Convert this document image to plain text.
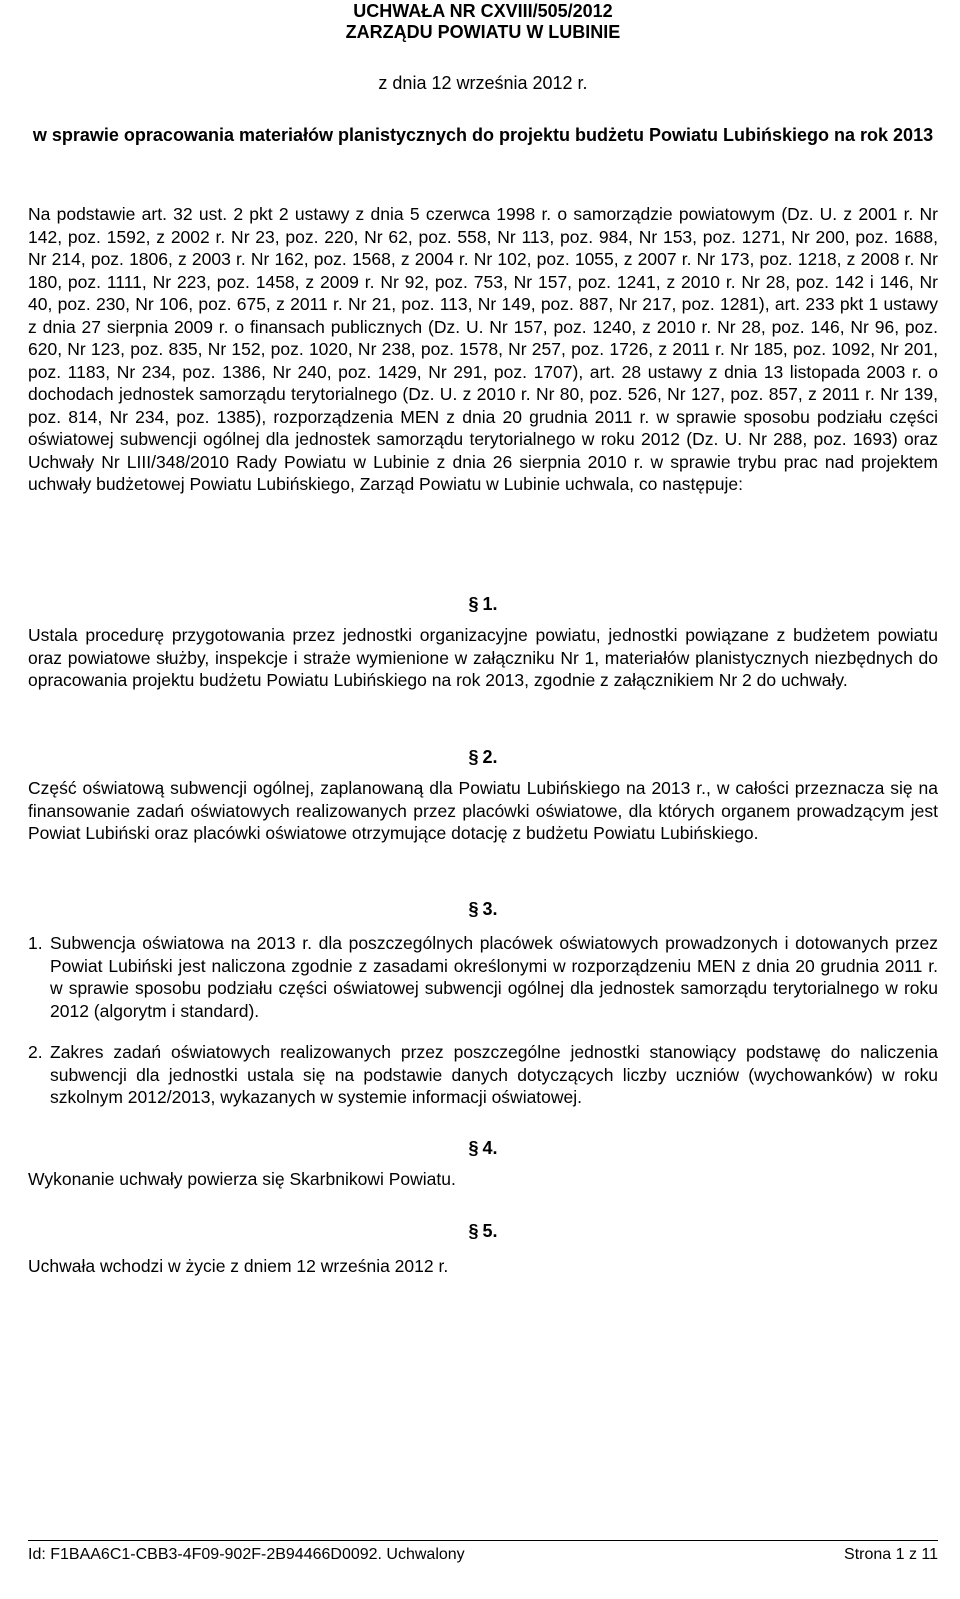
UCHWAŁA NR CXVIII/505/2012
ZARZĄDU POWIATU W LUBINIE
z dnia 12 września 2012 r.
w sprawie opracowania materiałów planistycznych do projektu budżetu Powiatu Lubińskiego na rok 2013

Na podstawie art. 32 ust. 2 pkt 2 ustawy z dnia 5 czerwca 1998 r. o samorządzie powiatowym (Dz. U. z 2001 r. Nr 142, poz. 1592, z 2002 r. Nr 23, poz. 220, Nr 62, poz. 558, Nr 113, poz. 984, Nr 153, poz. 1271, Nr 200, poz. 1688, Nr 214, poz. 1806, z 2003 r. Nr 162, poz. 1568, z 2004 r. Nr 102, poz. 1055, z 2007 r. Nr 173, poz. 1218, z 2008 r. Nr 180, poz. 1111, Nr 223, poz. 1458, z 2009 r. Nr 92, poz. 753, Nr 157, poz. 1241, z 2010 r. Nr 28, poz. 142 i 146, Nr 40, poz. 230, Nr 106, poz. 675, z 2011 r. Nr 21, poz. 113, Nr 149, poz. 887, Nr 217, poz. 1281), art. 233 pkt 1 ustawy z dnia 27 sierpnia 2009 r. o finansach publicznych (Dz. U. Nr 157, poz. 1240, z 2010 r. Nr 28, poz. 146, Nr 96, poz. 620, Nr 123, poz. 835, Nr 152, poz. 1020, Nr 238, poz. 1578, Nr 257, poz. 1726, z 2011 r. Nr 185, poz. 1092, Nr 201, poz. 1183, Nr 234, poz. 1386, Nr 240, poz. 1429, Nr 291, poz. 1707), art. 28 ustawy z dnia 13 listopada 2003 r. o dochodach jednostek samorządu terytorialnego (Dz. U. z 2010 r. Nr 80, poz. 526, Nr 127, poz. 857, z 2011 r. Nr 139, poz. 814, Nr 234, poz. 1385), rozporządzenia MEN z dnia 20 grudnia 2011 r. w sprawie sposobu podziału części oświatowej subwencji ogólnej dla jednostek samorządu terytorialnego w roku 2012 (Dz. U. Nr 288, poz. 1693) oraz Uchwały Nr LIII/348/2010 Rady Powiatu w Lubinie z dnia 26 sierpnia 2010 r. w sprawie trybu prac nad projektem uchwały budżetowej Powiatu Lubińskiego, Zarząd Powiatu w Lubinie uchwala, co następuje:

§ 1.

Ustala procedurę przygotowania przez jednostki organizacyjne powiatu, jednostki powiązane z budżetem powiatu oraz powiatowe służby, inspekcje i straże wymienione w załączniku Nr 1, materiałów planistycznych niezbędnych do opracowania projektu budżetu Powiatu Lubińskiego na rok 2013, zgodnie z załącznikiem Nr 2 do uchwały.

§ 2.

Część oświatową subwencji ogólnej, zaplanowaną dla Powiatu Lubińskiego na 2013 r., w całości przeznacza się na finansowanie zadań oświatowych realizowanych przez placówki oświatowe, dla których organem prowadzącym jest Powiat Lubiński oraz placówki oświatowe otrzymujące dotację z budżetu Powiatu Lubińskiego.

§ 3.
1. Subwencja oświatowa na 2013 r. dla poszczególnych placówek oświatowych prowadzonych i dotowanych przez Powiat Lubiński jest naliczona zgodnie z zasadami określonymi w rozporządzeniu MEN z dnia 20 grudnia 2011 r. w sprawie sposobu podziału części oświatowej subwencji ogólnej dla jednostek samorządu terytorialnego w roku 2012 (algorytm i standard).
2. Zakres zadań oświatowych realizowanych przez poszczególne jednostki stanowiący podstawę do naliczenia subwencji dla jednostki ustala się na podstawie danych dotyczących liczby uczniów (wychowanków) w roku szkolnym 2012/2013, wykazanych w systemie informacji oświatowej.
§ 4.

Wykonanie uchwały powierza się Skarbnikowi Powiatu.

§ 5.

Uchwała wchodzi w życie z dniem 12 września 2012 r.

Id: F1BAA6C1-CBB3-4F09-902F-2B94466D0092. Uchwalony	Strona 1 z 11
